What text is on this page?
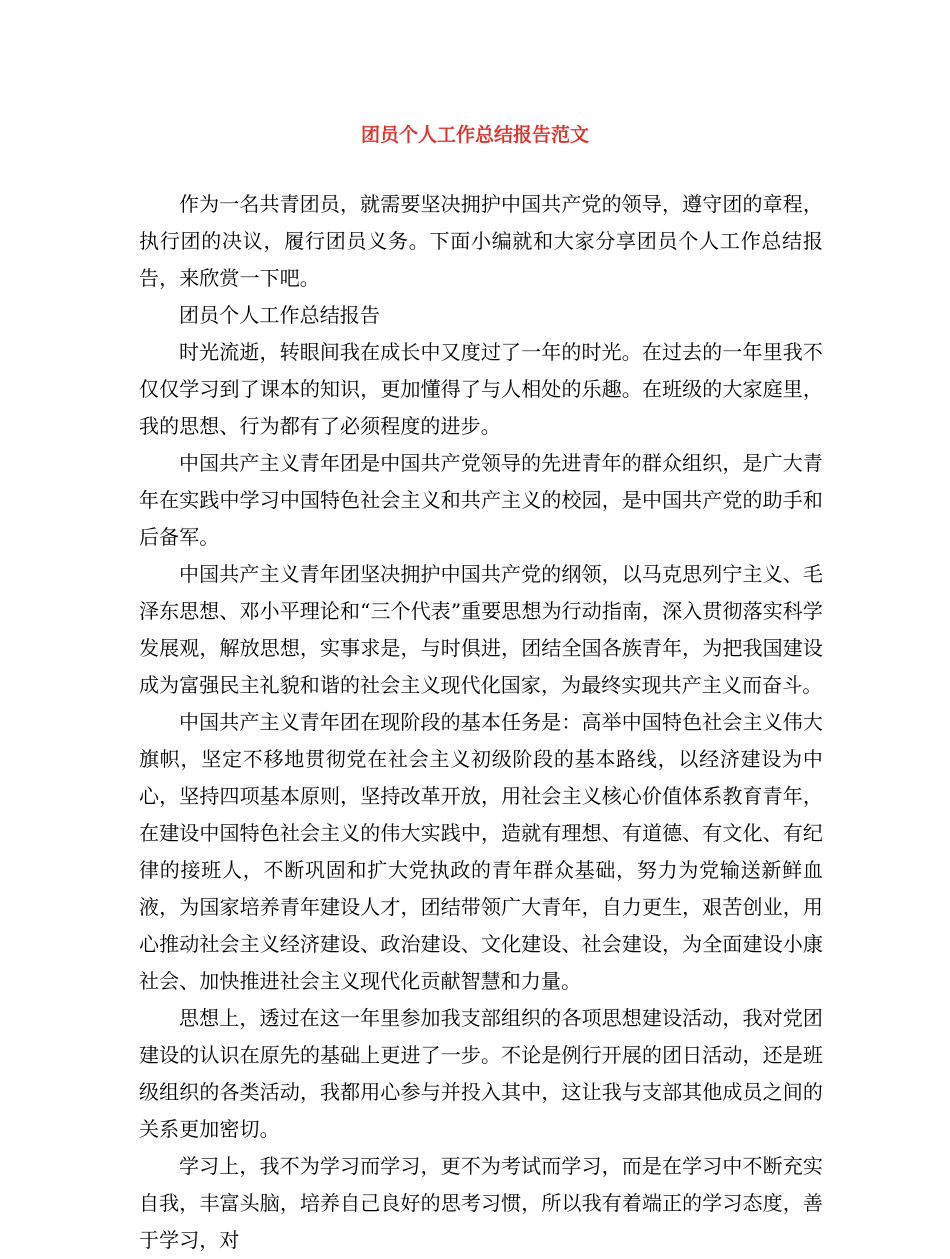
团员个人工作总结报告范文

作为一名共青团员，就需要坚决拥护中国共产党的领导，遵守团的章程，执行团的决议，履行团员义务。下面小编就和大家分享团员个人工作总结报告，来欣赏一下吧。

团员个人工作总结报告

时光流逝，转眼间我在成长中又度过了一年的时光。在过去的一年里我不仅仅学习到了课本的知识，更加懂得了与人相处的乐趣。在班级的大家庭里，我的思想、行为都有了必须程度的进步。

中国共产主义青年团是中国共产党领导的先进青年的群众组织，是广大青年在实践中学习中国特色社会主义和共产主义的校园，是中国共产党的助手和后备军。

中国共产主义青年团坚决拥护中国共产党的纲领，以马克思列宁主义、毛泽东思想、邓小平理论和“三个代表”重要思想为行动指南，深入贯彻落实科学发展观，解放思想，实事求是，与时俱进，团结全国各族青年，为把我国建设成为富强民主礼貌和谐的社会主义现代化国家，为最终实现共产主义而奋斗。

中国共产主义青年团在现阶段的基本任务是：高举中国特色社会主义伟大旗帜，坚定不移地贯彻党在社会主义初级阶段的基本路线，以经济建设为中心，坚持四项基本原则，坚持改革开放，用社会主义核心价值体系教育青年，在建设中国特色社会主义的伟大实践中，造就有理想、有道德、有文化、有纪律的接班人，不断巩固和扩大党执政的青年群众基础，努力为党输送新鲜血液，为国家培养青年建设人才，团结带领广大青年，自力更生，艰苦创业，用心推动社会主义经济建设、政治建设、文化建设、社会建设，为全面建设小康社会、加快推进社会主义现代化贡献智慧和力量。

思想上，透过在这一年里参加我支部组织的各项思想建设活动，我对党团建设的认识在原先的基础上更进了一步。不论是例行开展的团日活动，还是班级组织的各类活动，我都用心参与并投入其中，这让我与支部其他成员之间的关系更加密切。

学习上，我不为学习而学习，更不为考试而学习，而是在学习中不断充实自我，丰富头脑，培养自己良好的思考习惯，所以我有着端正的学习态度，善于学习，对
